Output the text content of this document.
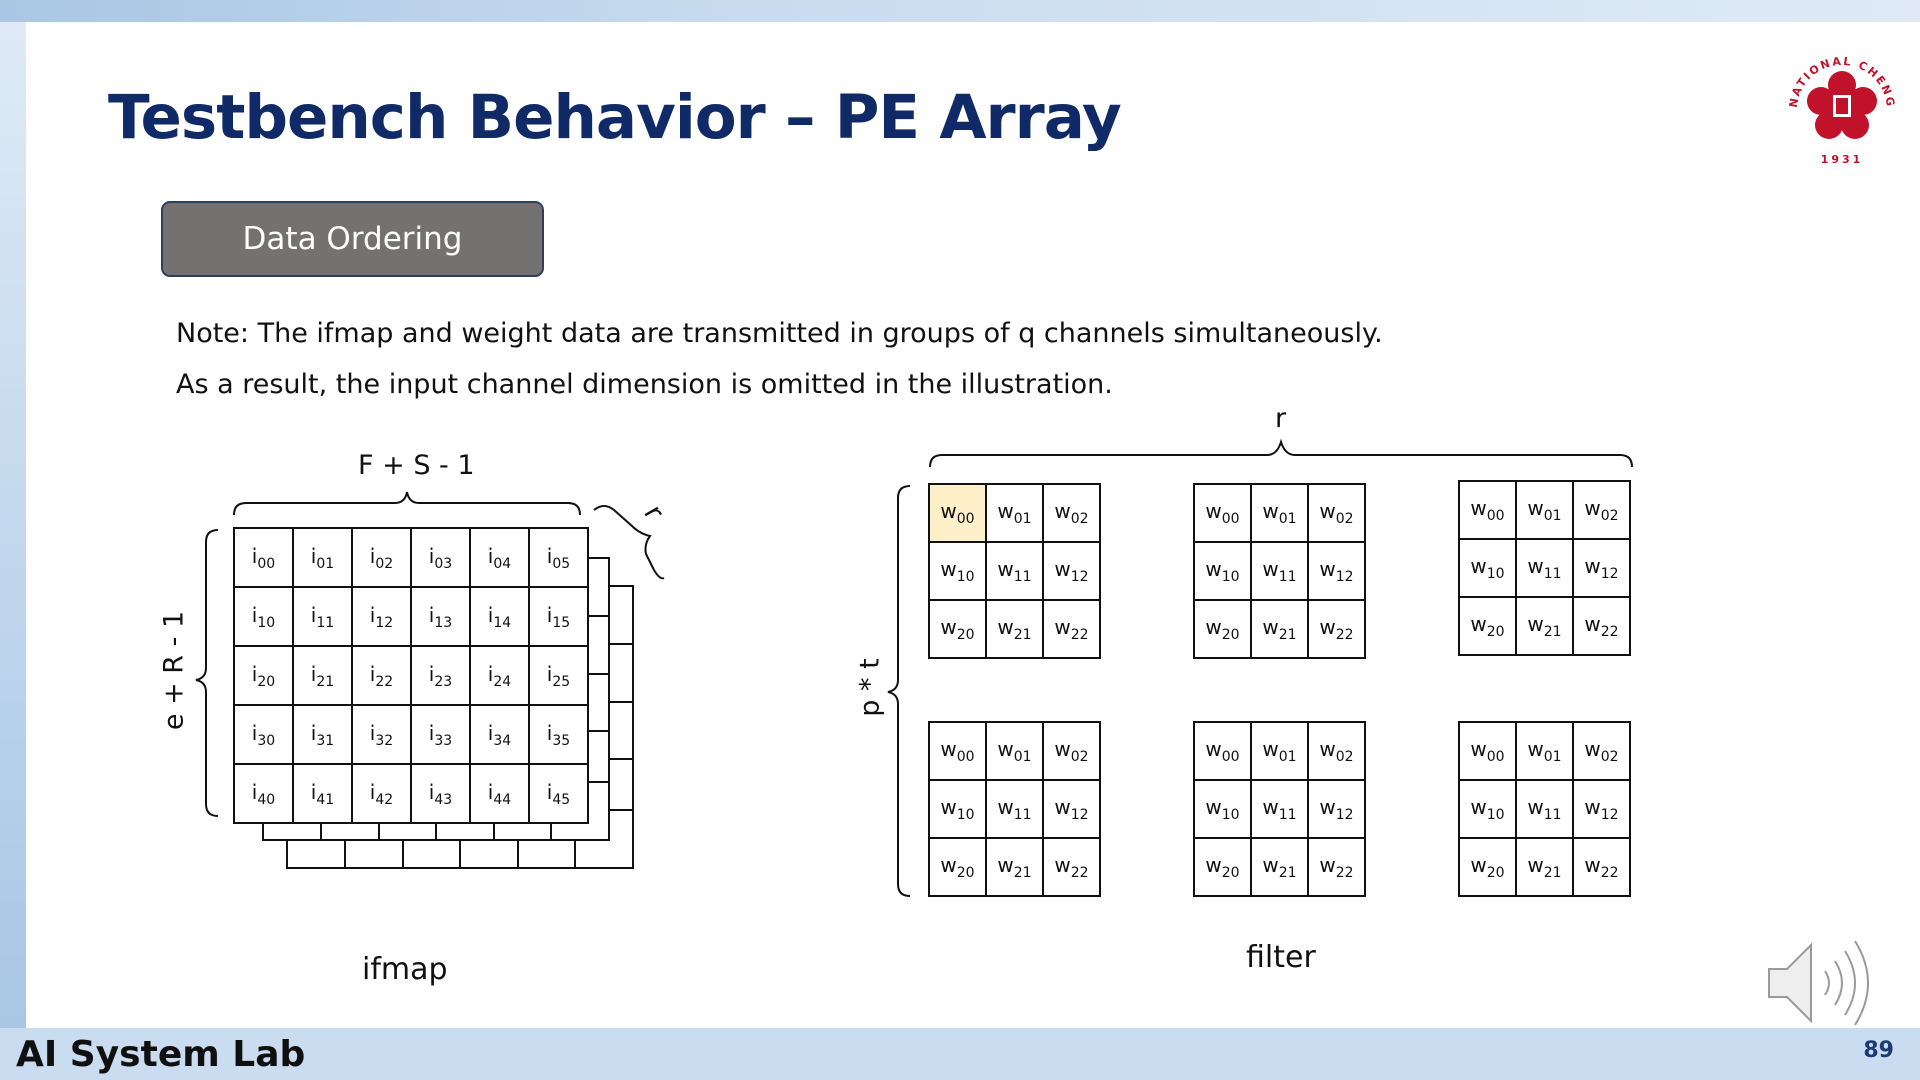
Testbench Behavior – PE Array	NATIONAL CHENG
1931
Data Ordering
Note: The ifmap and weight data are transmitted in groups of q channels simultaneously.
As a result, the input channel dimension is omitted in the illustration.
$i_{00}$	$i_{01}$	$i_{02}$	$i_{03}$	$i_{04}$	$i_{05}$
$i_{10}$	$i_{11}$	$i_{12}$	$i_{13}$	$i_{14}$	$i_{15}$
$i_{20}$	$i_{21}$	$i_{22}$	$i_{23}$	$i_{24}$	$i_{25}$
$i_{30}$	$i_{31}$	$i_{32}$	$i_{33}$	$i_{34}$	$i_{35}$
$i_{40}$	$i_{41}$	$i_{42}$	$i_{43}$	$i_{44}$	$i_{45}$
$w_{00}$	$w_{01}$	$w_{02}$
$w_{10}$	$w_{11}$	$w_{12}$
$w_{20}$	$w_{21}$	$w_{22}$
$w_{00}$	$w_{01}$	$w_{02}$
$w_{10}$	$w_{11}$	$w_{12}$
$w_{20}$	$w_{21}$	$w_{22}$
$w_{00}$	$w_{01}$	$w_{02}$
$w_{10}$	$w_{11}$	$w_{12}$
$w_{20}$	$w_{21}$	$w_{22}$
$w_{00}$	$w_{01}$	$w_{02}$
$w_{10}$	$w_{11}$	$w_{12}$
$w_{20}$	$w_{21}$	$w_{22}$
$w_{00}$	$w_{01}$	$w_{02}$
$w_{10}$	$w_{11}$	$w_{12}$
$w_{20}$	$w_{21}$	$w_{22}$
$w_{00}$	$w_{01}$	$w_{02}$
$w_{10}$	$w_{11}$	$w_{12}$
$w_{20}$	$w_{21}$	$w_{22}$
F + S - 1
e + R - 1
r
r
p * t
ifmap	filter
AI System Lab	89
